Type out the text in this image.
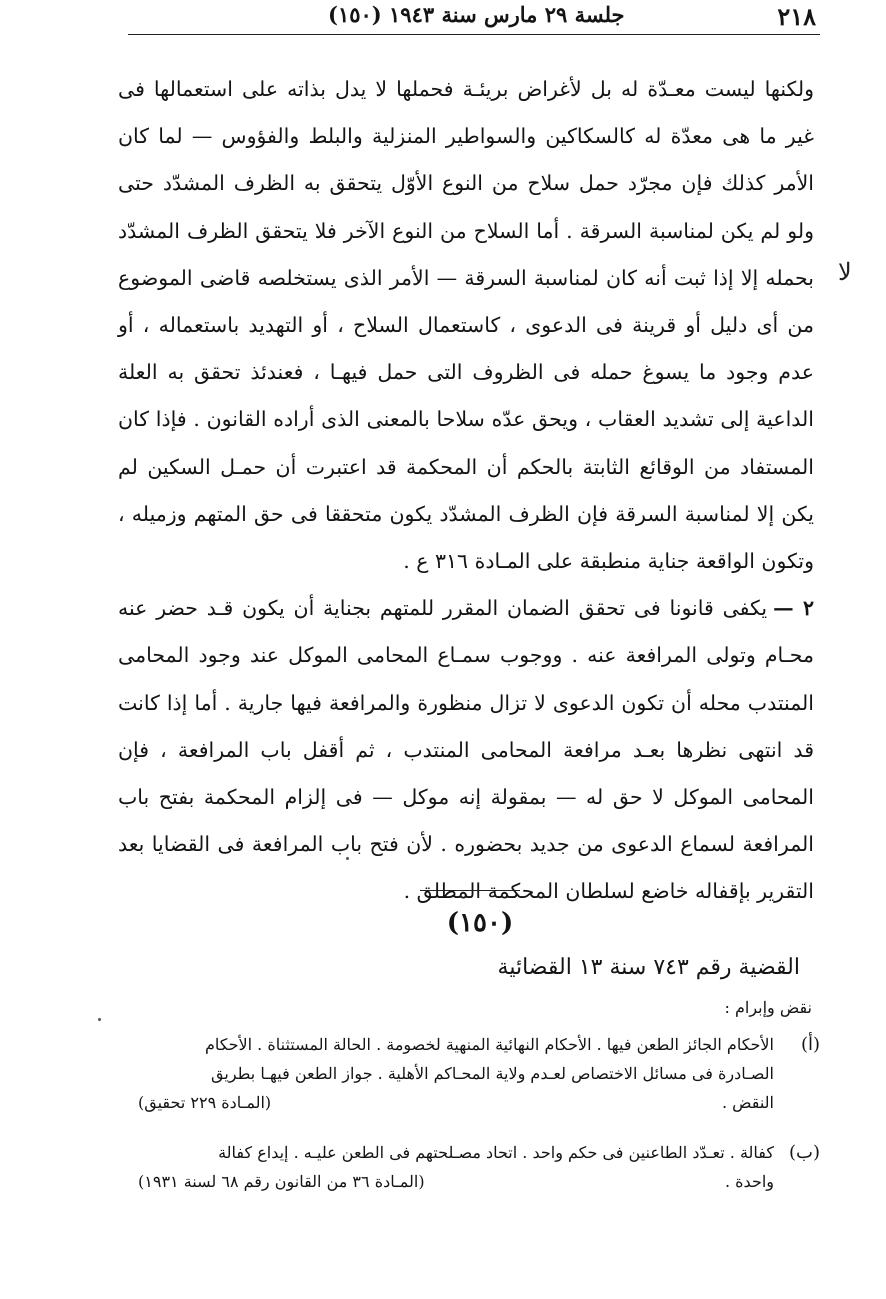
٢١٨
جلسة ٢٩ مارس سنة ١٩٤٣ (١٥٠)
لا

ولكنها ليست معـدّة له بل لأغراض بريئـة فحملها لا يدل بذاته على استعمالها فى غير ما هى معدّة له كالسكاكين والسواطير المنزلية والبلط والفؤوس — لما كان الأمر كذلك فإن مجرّد حمل سلاح من النوع الأوّل يتحقق به الظرف المشدّد حتى ولو لم يكن لمناسبة السرقة . أما السلاح من النوع الآخر فلا يتحقق الظرف المشدّد بحمله إلا إذا ثبت أنه كان لمناسبة السرقة — الأمر الذى يستخلصه قاضى الموضوع من أى دليل أو قرينة فى الدعوى ، كاستعمال السلاح ، أو التهديد باستعماله ، أو عدم وجود ما يسوغ حمله فى الظروف التى حمل فيهـا ، فعندئذ تحقق به العلة الداعية إلى تشديد العقاب ، ويحق عدّه سلاحا بالمعنى الذى أراده القانون . فإذا كان المستفاد من الوقائع الثابتة بالحكم أن المحكمة قد اعتبرت أن حمـل السكين لم يكن إلا لمناسبة السرقة فإن الظرف المشدّد يكون متحققا فى حق المتهم وزميله ، وتكون الواقعة جناية منطبقة على المـادة ٣١٦ ع .

٢ —يكفى قانونا فى تحقق الضمان المقرر للمتهم بجناية أن يكون قـد حضر عنه محـام وتولى المرافعة عنه . ووجوب سمـاع المحامى الموكل عند وجود المحامى المنتدب محله أن تكون الدعوى لا تزال منظورة والمرافعة فيها جارية . أما إذا كانت قد انتهى نظرها بعـد مرافعة المحامى المنتدب ، ثم أقفل باب المرافعة ، فإن المحامى الموكل لا حق له — بمقولة إنه موكل — فى إلزام المحكمة بفتح باب المرافعة لسماع الدعوى من جديد بحضوره . لأن فتح باب المرافعة فى القضايا بعد التقرير بإقفاله خاضع لسلطان المحكمة المطلق .

(١٥٠)
القضية رقم ٧٤٣ سنة ١٣ القضائية
نقض وإبرام :
(أ)
الأحكام الجائز الطعن فيها . الأحكام النهائية المنهية لخصومة . الحالة المستثناة . الأحكام
الصـادرة فى مسائل الاختصاص لعـدم ولاية المحـاكم الأهلية . جواز الطعن فيهـا بطريق
النقض .
(المـادة ٢٢٩ تحقيق)
(ب)
كفالة . تعـدّد الطاعنين فى حكم واحد . اتحاد مصـلحتهم فى الطعن عليـه . إيداع كفالة
واحدة .
(المـادة ٣٦ من القانون رقم ٦٨ لسنة ١٩٣١)
